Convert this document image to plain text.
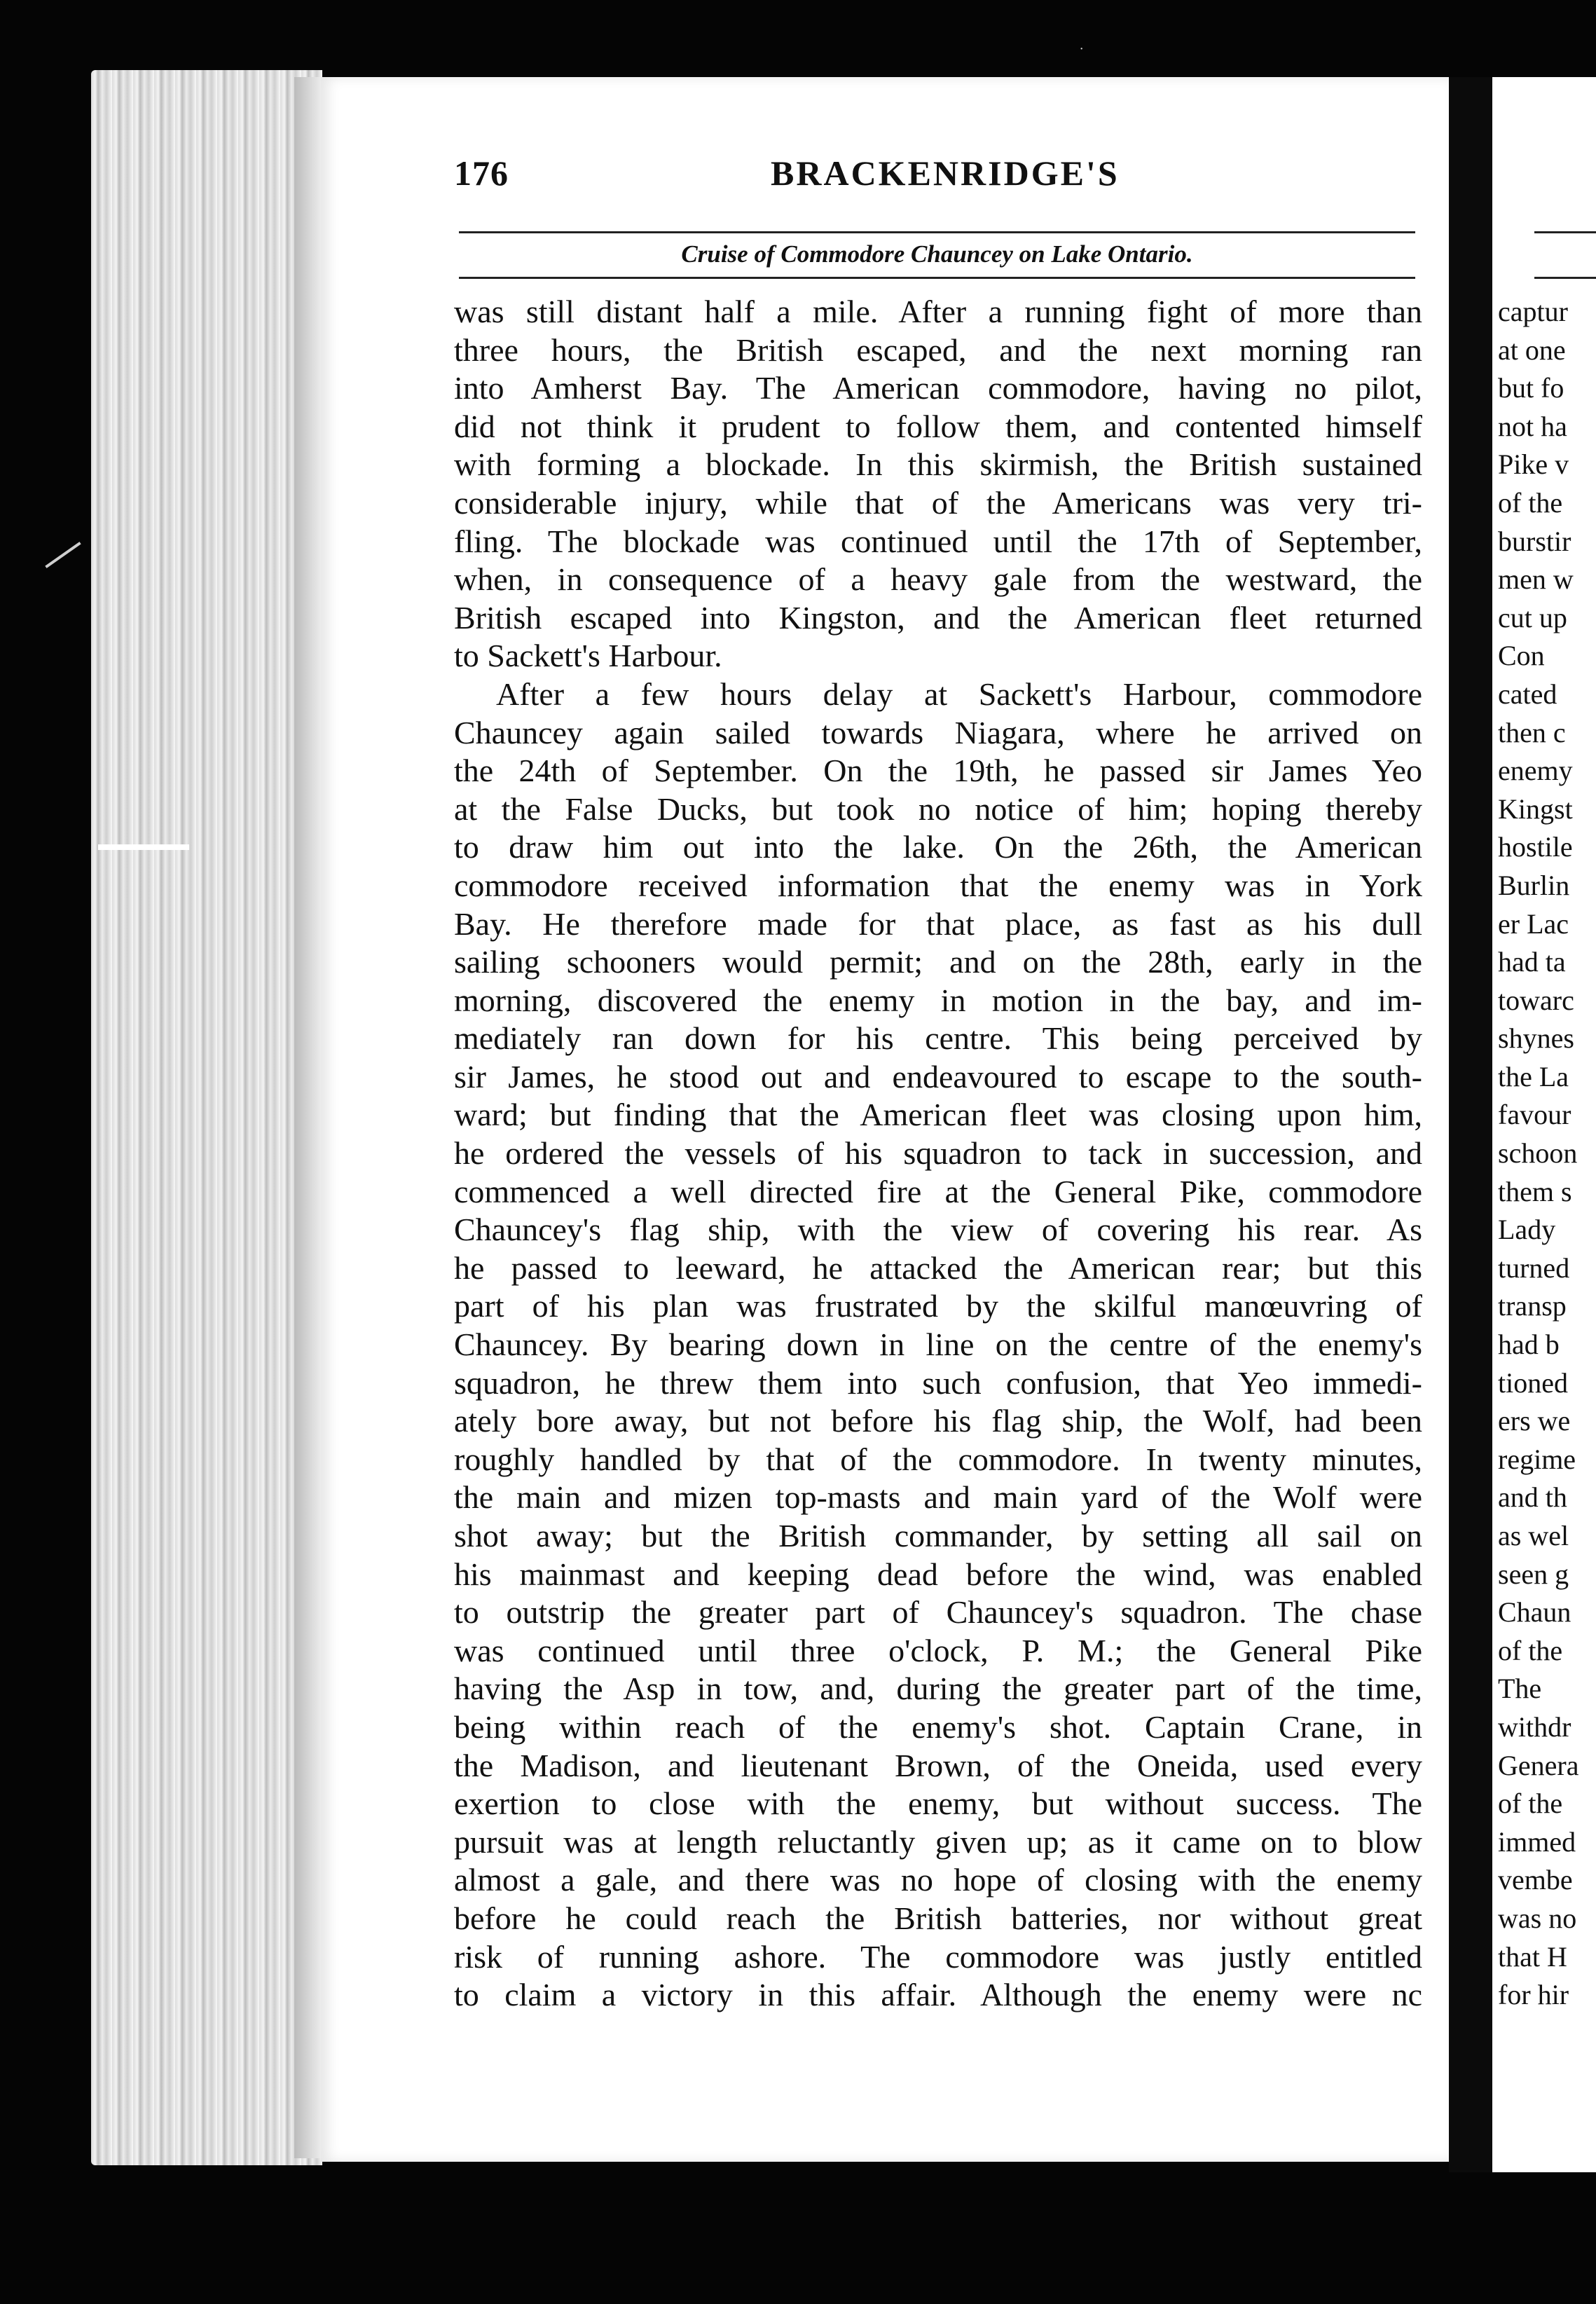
˙
176	BRACKENRIDGE'S
Cruise of Commodore Chauncey on Lake Ontario.
was still distant half a mile. After a running fight of more than
three hours, the British escaped, and the next morning ran
into Amherst Bay. The American commodore, having no pilot,
did not think it prudent to follow them, and contented himself
with forming a blockade. In this skirmish, the British sustained
considerable injury, while that of the Americans was very tri-
fling. The blockade was continued until the 17th of September,
when, in consequence of a heavy gale from the westward, the
British escaped into Kingston, and the American fleet returned
to Sackett's Harbour.
After a few hours delay at Sackett's Harbour, commodore
Chauncey again sailed towards Niagara, where he arrived on
the 24th of September. On the 19th, he passed sir James Yeo
at the False Ducks, but took no notice of him; hoping thereby
to draw him out into the lake. On the 26th, the American
commodore received information that the enemy was in York
Bay. He therefore made for that place, as fast as his dull
sailing schooners would permit; and on the 28th, early in the
morning, discovered the enemy in motion in the bay, and im-
mediately ran down for his centre. This being perceived by
sir James, he stood out and endeavoured to escape to the south-
ward; but finding that the American fleet was closing upon him,
he ordered the vessels of his squadron to tack in succession, and
commenced a well directed fire at the General Pike, commodore
Chauncey's flag ship, with the view of covering his rear. As
he passed to leeward, he attacked the American rear; but this
part of his plan was frustrated by the skilful manœuvring of
Chauncey. By bearing down in line on the centre of the enemy's
squadron, he threw them into such confusion, that Yeo immedi-
ately bore away, but not before his flag ship, the Wolf, had been
roughly handled by that of the commodore. In twenty minutes,
the main and mizen top-masts and main yard of the Wolf were
shot away; but the British commander, by setting all sail on
his mainmast and keeping dead before the wind, was enabled
to outstrip the greater part of Chauncey's squadron. The chase
was continued until three o'clock, P. M.; the General Pike
having the Asp in tow, and, during the greater part of the time,
being within reach of the enemy's shot. Captain Crane, in
the Madison, and lieutenant Brown, of the Oneida, used every
exertion to close with the enemy, but without success. The
pursuit was at length reluctantly given up; as it came on to blow
almost a gale, and there was no hope of closing with the enemy
before he could reach the British batteries, nor without great
risk of running ashore. The commodore was justly entitled
to claim a victory in this affair. Although the enemy were nc
captur
at one
but fo
not ha
Pike v
of the
burstir
men w
cut up
Con
cated
then c
enemy
Kingst
hostile
Burlin
er Lac
had ta
towarc
shynes
the La
favour
schoon
them s
Lady
turned
transp
had b
tioned
ers we
regime
and th
as wel
seen g
Chaun
of the
The
withdr
Genera
of the
immed
vembe
was no
that H
for hir
